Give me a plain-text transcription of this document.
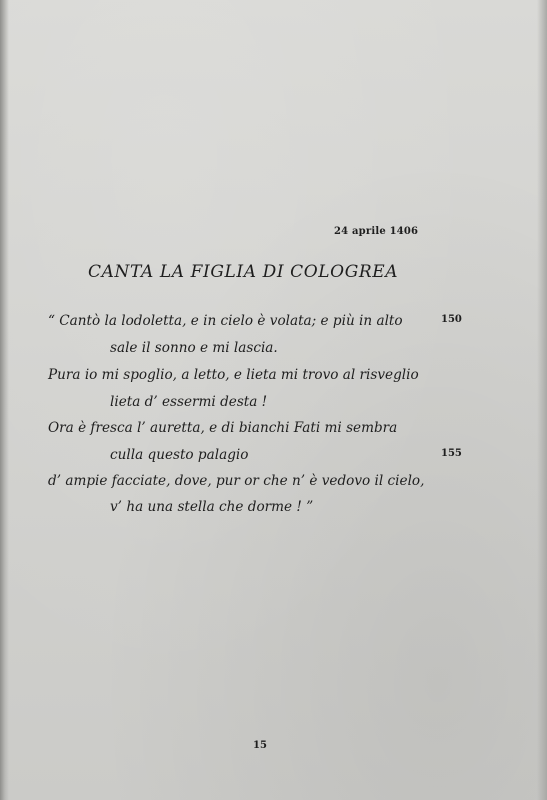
24 aprile 1406
CANTA LA FIGLIA DI COLOGREA
“ Cantò la lodoletta, e in cielo è volata; e più in alto	150
sale il sonno e mi lascia.
Pura io mi spoglio, a letto, e lieta mi trovo al risveglio
lieta d’ essermi desta !
Ora è fresca l’ auretta, e di bianchi Fati mi sembra
culla questo palagio	155
d’ ampie facciate, dove, pur or che n’ è vedovo il cielo,
v’ ha una stella che dorme ! ”
15
